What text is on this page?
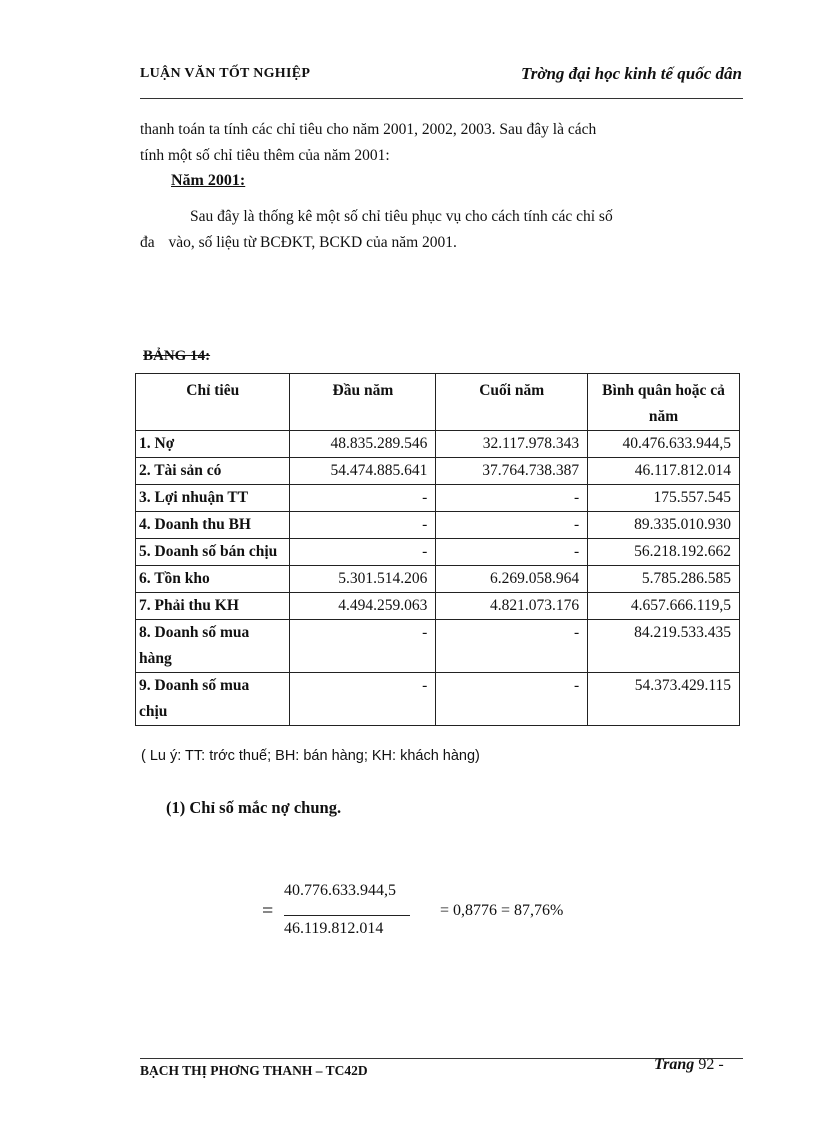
LUẬN VĂN TỐT NGHIỆP	Trờng đại học kinh tế quốc dân
thanh toán ta tính các chỉ tiêu cho năm 2001, 2002, 2003. Sau đây là cách
tính một số chỉ tiêu thêm của năm 2001:
Năm 2001:
Sau đây là thống kê một số chỉ tiêu phục vụ cho cách tính các chỉ số
đa vào, số liệu từ BCĐKT, BCKD của năm 2001.
BẢNG 14:
Chỉ tiêu	Đầu năm	Cuối năm	Bình quân hoặc cả năm
1. Nợ	48.835.289.546	32.117.978.343	40.476.633.944,5
2. Tài sản có	54.474.885.641	37.764.738.387	46.117.812.014
3. Lợi nhuận TT	-	-	175.557.545
4. Doanh thu BH	-	-	89.335.010.930
5. Doanh số bán chịu	-	-	56.218.192.662
6. Tồn kho	5.301.514.206	6.269.058.964	5.785.286.585
7. Phải thu KH	4.494.259.063	4.821.073.176	4.657.666.119,5
8. Doanh số mua hàng	-	-	84.219.533.435
9. Doanh số mua chịu	-	-	54.373.429.115
( Lu ý: TT: trớc thuế; BH: bán hàng; KH: khách hàng)
(1) Chỉ số mắc nợ chung.
=
40.776.633.944,5
46.119.812.014
= 0,8776 = 87,76%
BẠCH THỊ PHƠNG THANH – TC42D	Trang 92 -
